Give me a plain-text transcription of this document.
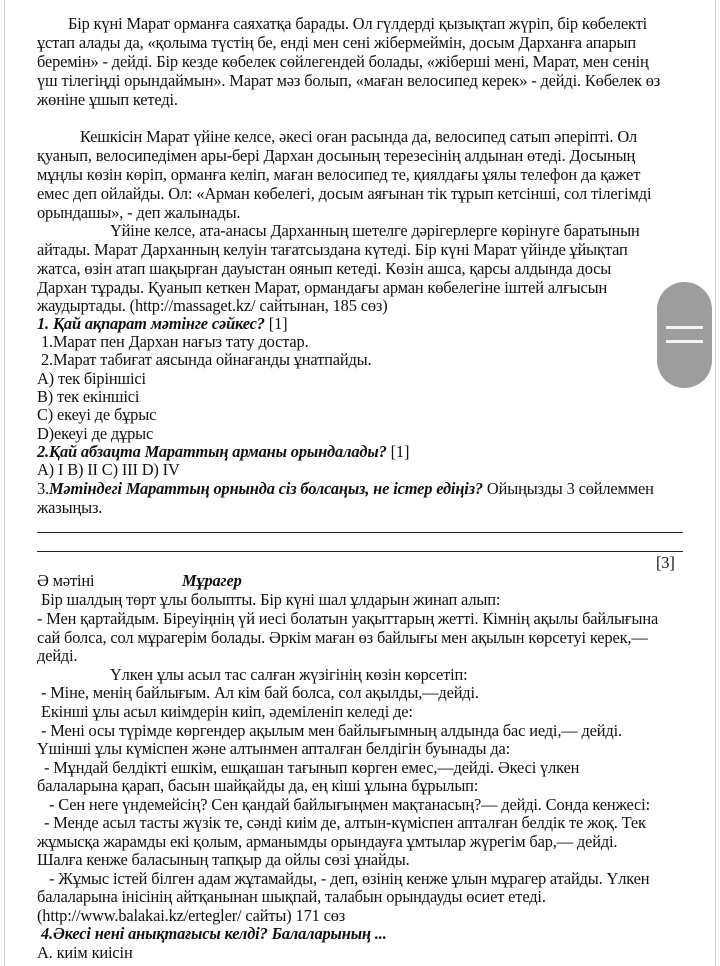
Бір күні Марат орманға саяхатқа барады. Ол гүлдерді қызықтап жүріп, бір көбелекті
ұстап алады да, «қолыма түстің бе, енді мен сені жібермеймін, досым Дарханға апарып
беремін» - дейді. Бір кезде көбелек сөйлегендей болады, «жіберші мені, Марат, мен сенің
үш тілегіңді орындаймын». Марат мәз болып, «маған велосипед керек» - дейді. Көбелек өз
жөніне ұшып кетеді.
Кешкісін Марат үйіне келсе, әкесі оған расында да, велосипед сатып әперіпті. Ол
қуанып, велосипедімен ары-бері Дархан досының терезесінің алдынан өтеді. Досының
мұңлы көзін көріп, орманға келіп, маған велосипед те, қиялдағы ұялы телефон да қажет
емес деп ойлайды. Ол: «Арман көбелегі, досым аяғынан тік тұрып кетсінші, сол тілегімді
орындашы», - деп жалынады.
Үйіне келсе, ата-анасы Дарханның шетелге дәрігерлерге көрінуге баратынын
айтады. Марат Дарханның келуін тағатсыздана күтеді. Бір күні Марат үйінде ұйықтап
жатса, өзін атап шақырған дауыстан оянып кетеді. Көзін ашса, қарсы алдында досы
Дархан тұрады. Қуанып кеткен Марат, ормандағы арман көбелегіне іштей алғысын
жаудыртады. (http://massaget.kz/ сайтынан, 185 сөз)
1. Қай ақпарат мәтінге сәйкес? [1]
1.Марат пен Дархан нағыз тату достар.
2.Марат табиғат аясында ойнағанды ұнатпайды.
А) тек біріншісі
В) тек екіншісі
С) екеуі де бұрыс
D)екеуі де дұрыс
2.Қай абзацта Мараттың арманы орындалады? [1]
А) I В) II С) III D) IV
3.Мәтіндегі Мараттың орнында сіз болсаңыз, не істер едіңіз? Ойыңызды 3 сөйлеммен
жазыңыз.
[3]
Ә мәтіні	Мұрагер
Бір шалдың төрт ұлы болыпты. Бір күні шал ұлдарын жинап алып:
- Мен қартайдым. Біреуіңнің үй иесі болатын уақыттарың жетті. Кімнің ақылы байлығына
сай болса, сол мұрагерім болады. Әркім маған өз байлығы мен ақылын көрсетуі керек,—
дейді.
Үлкен ұлы асыл тас салған жүзігінің көзін көрсетіп:
- Міне, менің байлығым. Ал кім бай болса, сол ақылды,—дейді.
Екінші ұлы асыл киімдерін киіп, әдеміленіп келеді де:
- Мені осы түрімде көргендер ақылым мен байлығымның алдында бас иеді,— дейді.
Үшінші ұлы күміспен және алтынмен апталған белдігін буынады да:
- Мұндай белдікті ешкім, ешқашан тағынып көрген емес,—дейді. Әкесі үлкен
балаларына қарап, басын шайқайды да, ең кіші ұлына бұрылып:
- Сен неге үндемейсің? Сен қандай байлығыңмен мақтанасың?— дейді. Сонда кенжесі:
- Менде асыл тасты жүзік те, сәнді киім де, алтын-күміспен апталған белдік те жоқ. Тек
жұмысқа жарамды екі қолым, арманымды орындауға ұмтылар жүрегім бар,— дейді.
Шалға кенже баласының тапқыр да ойлы сөзі ұнайды.
- Жұмыс істей білген адам жұтамайды, - деп, өзінің кенже ұлын мұрагер атайды. Үлкен
балаларына інісінің айтқанынан шықпай, талабын орындауды өсиет етеді.
(http://www.balakai.kz/ertegler/ сайты) 171 сөз
4.Әкесі нені анықтағысы келді? Балаларының ...
А. киім киісін
